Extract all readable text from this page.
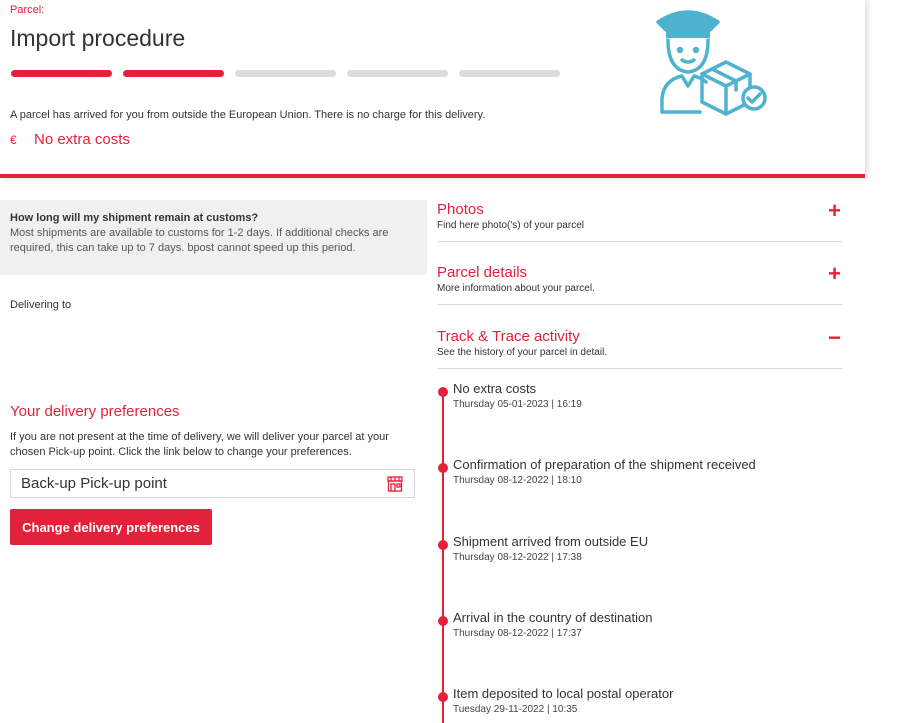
Parcel:
Import procedure
A parcel has arrived for you from outside the European Union. There is no charge for this delivery.
€	No extra costs
How long will my shipment remain at customs?
Most shipments are available to customs for 1-2 days. If additional checks are required, this can take up to 7 days. bpost cannot speed up this period.
Delivering to
Your delivery preferences
If you are not present at the time of delivery, we will deliver your parcel at your chosen Pick-up point. Click the link below to change your preferences.
Back-up Pick-up point
Change delivery preferences
Photos
Find here photo('s) of your parcel
+
Parcel details
More information about your parcel.
+
Track & Trace activity
See the history of your parcel in detail.
−
No extra costs
Thursday 05-01-2023 | 16:19
Confirmation of preparation of the shipment received
Thursday 08-12-2022 | 18:10
Shipment arrived from outside EU
Thursday 08-12-2022 | 17:38
Arrival in the country of destination
Thursday 08-12-2022 | 17:37
Item deposited to local postal operator
Tuesday 29-11-2022 | 10:35
